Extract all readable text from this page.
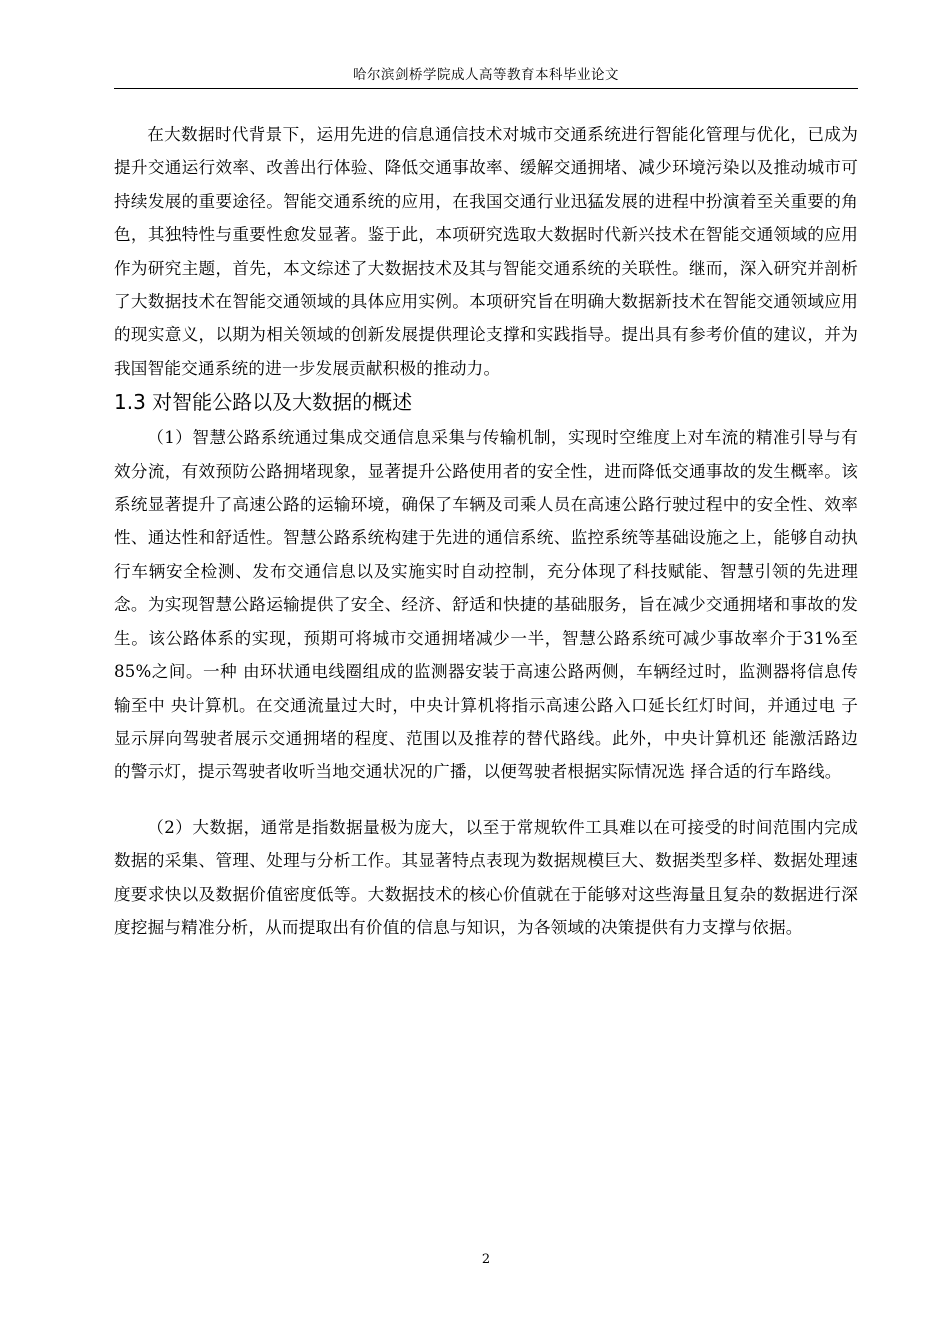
哈尔滨剑桥学院成人高等教育本科毕业论文

在大数据时代背景下，运用先进的信息通信技术对城市交通系统进行智能化管理与优化，已成为提升交通运行效率、改善出行体验、降低交通事故率、缓解交通拥堵、减少环境污染以及推动城市可持续发展的重要途径。智能交通系统的应用，在我国交通行业迅猛发展的进程中扮演着至关重要的角色，其独特性与重要性愈发显著。鉴于此，本项研究选取大数据时代新兴技术在智能交通领域的应用作为研究主题，首先，本文综述了大数据技术及其与智能交通系统的关联性。继而，深入研究并剖析了大数据技术在智能交通领域的具体应用实例。本项研究旨在明确大数据新技术在智能交通领域应用的现实意义，以期为相关领域的创新发展提供理论支撑和实践指导。提出具有参考价值的建议，并为我国智能交通系统的进一步发展贡献积极的推动力。

1.3 对智能公路以及大数据的概述

（1）智慧公路系统通过集成交通信息采集与传输机制，实现时空维度上对车流的精准引导与有效分流，有效预防公路拥堵现象，显著提升公路使用者的安全性，进而降低交通事故的发生概率。该系统显著提升了高速公路的运输环境，确保了车辆及司乘人员在高速公路行驶过程中的安全性、效率性、通达性和舒适性。智慧公路系统构建于先进的通信系统、监控系统等基础设施之上，能够自动执行车辆安全检测、发布交通信息以及实施实时自动控制，充分体现了科技赋能、智慧引领的先进理念。为实现智慧公路运输提供了安全、经济、舒适和快捷的基础服务，旨在减少交通拥堵和事故的发生。该公路体系的实现，预期可将城市交通拥堵减少一半，智慧公路系统可减少事故率介于31%至 85%之间。一种 由环状通电线圈组成的监测器安装于高速公路两侧，车辆经过时，监测器将信息传输至中 央计算机。在交通流量过大时，中央计算机将指示高速公路入口延长红灯时间，并通过电 子显示屏向驾驶者展示交通拥堵的程度、范围以及推荐的替代路线。此外，中央计算机还 能激活路边的警示灯，提示驾驶者收听当地交通状况的广播，以便驾驶者根据实际情况选 择合适的行车路线。

（2）大数据，通常是指数据量极为庞大，以至于常规软件工具难以在可接受的时间范围内完成数据的采集、管理、处理与分析工作。其显著特点表现为数据规模巨大、数据类型多样、数据处理速度要求快以及数据价值密度低等。大数据技术的核心价值就在于能够对这些海量且复杂的数据进行深度挖掘与精准分析，从而提取出有价值的信息与知识，为各领域的决策提供有力支撑与依据。

2
